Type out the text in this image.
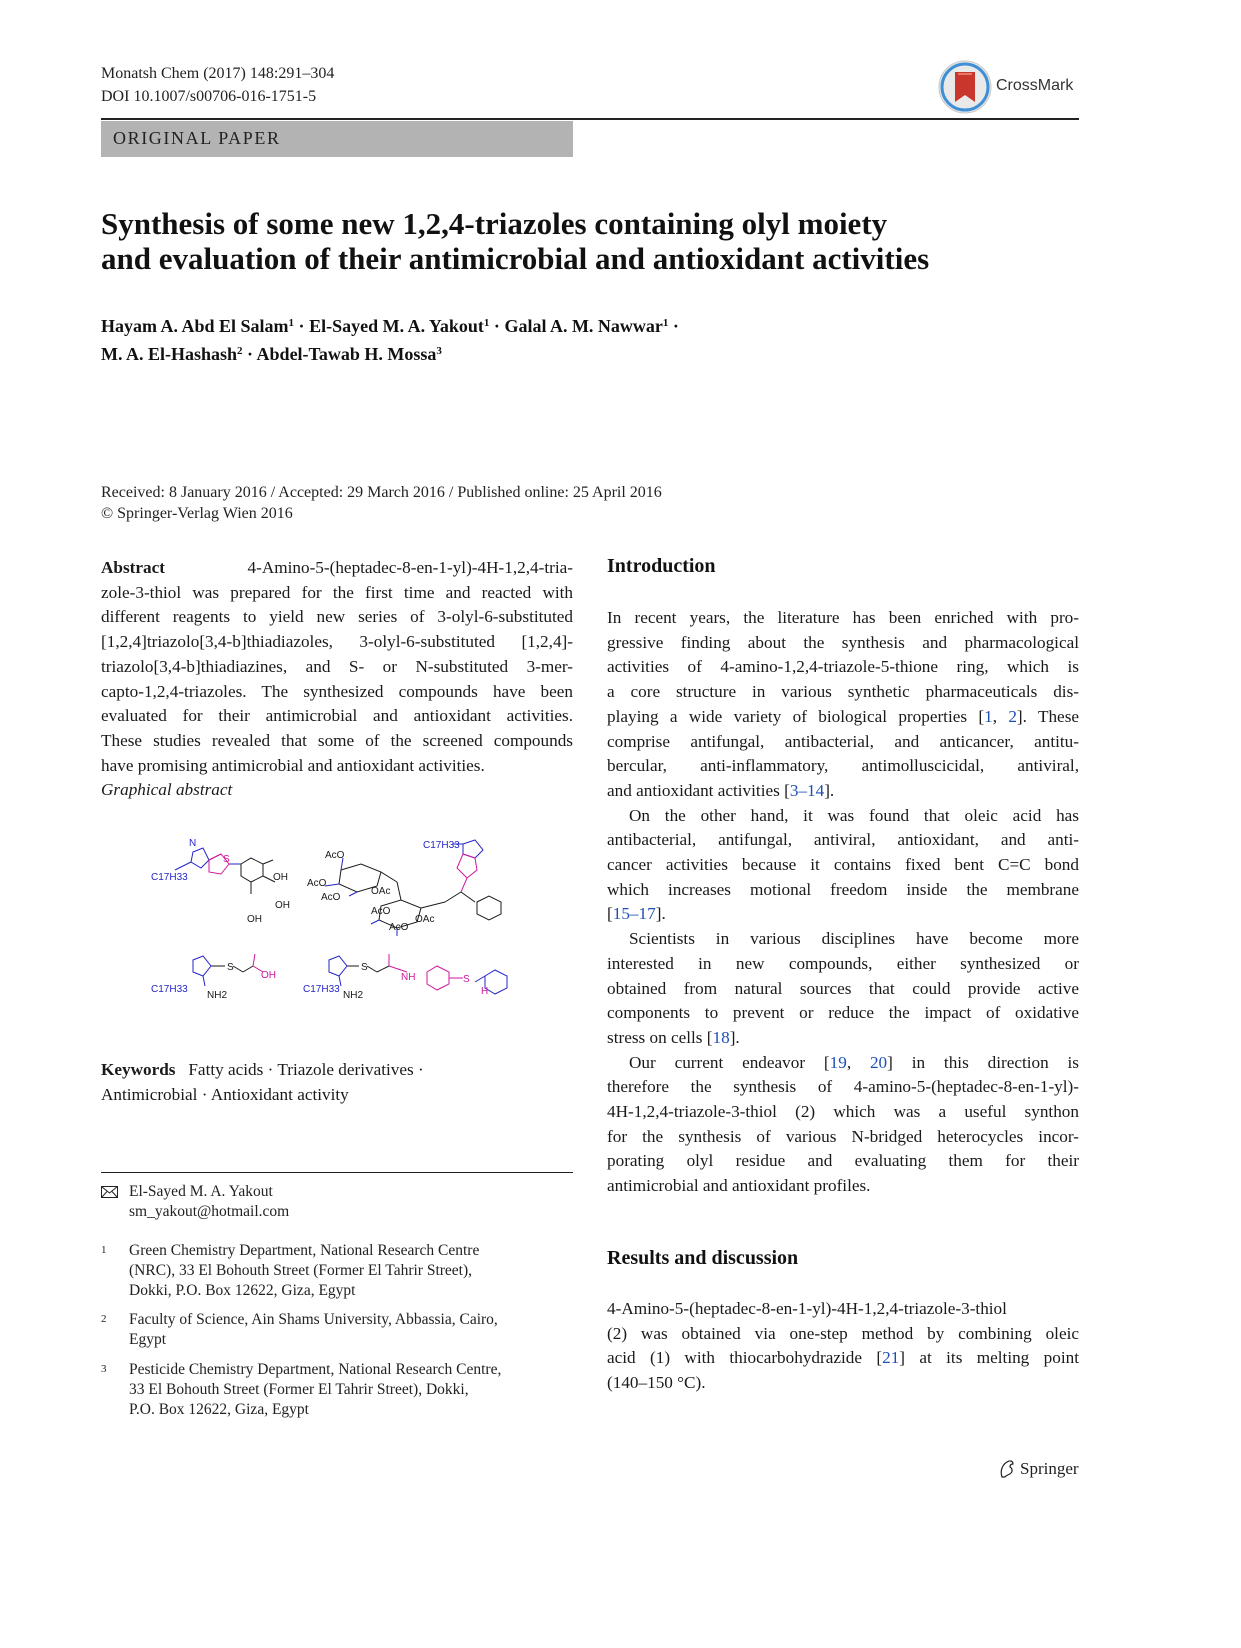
Monatsh Chem (2017) 148:291–304
DOI 10.1007/s00706-016-1751-5
CrossMark
ORIGINAL PAPER
Synthesis of some new 1,2,4-triazoles containing olyl moiety
and evaluation of their antimicrobial and antioxidant activities
Hayam A. Abd El Salam$^1$ · El-Sayed M. A. Yakout$^1$ · Galal A. M. Nawwar$^1$ ·
M. A. El-Hashash$^2$ · Abdel-Tawab H. Mossa$^3$
Received: 8 January 2016 / Accepted: 29 March 2016 / Published online: 25 April 2016
© Springer-Verlag Wien 2016
Abstract	4-Amino-5-(heptadec-8-en-1-yl)-4H-1,2,4-tria-
zole-3-thiol was prepared for the first time and reacted with
different reagents to yield new series of 3-olyl-6-substituted
[1,2,4]triazolo[3,4-b]thiadiazoles, 3-olyl-6-substituted [1,2,4]-
triazolo[3,4-b]thiadiazines, and S- or N-substituted 3-mer-
capto-1,2,4-triazoles. The synthesized compounds have been
evaluated for their antimicrobial and antioxidant activities.
These studies revealed that some of the screened compounds
have promising antimicrobial and antioxidant activities.
Graphical abstract
C17H33
N
S
OH
OH
OH
AcO
AcO
AcO
OAc
AcO
AcO
OAc
C17H33
C17H33
S
OH
NH2
C17H33
S
NH	S
H
NH2
Keywords Fatty acids · Triazole derivatives ·
Antimicrobial · Antioxidant activity
El-Sayed M. A. Yakout
sm_yakout@hotmail.com
1 Green Chemistry Department, National Research Centre
(NRC), 33 El Bohouth Street (Former El Tahrir Street),
Dokki, P.O. Box 12622, Giza, Egypt
2 Faculty of Science, Ain Shams University, Abbassia, Cairo,
Egypt
3 Pesticide Chemistry Department, National Research Centre,
33 El Bohouth Street (Former El Tahrir Street), Dokki,
P.O. Box 12622, Giza, Egypt
Introduction
In recent years, the literature has been enriched with pro-
gressive finding about the synthesis and pharmacological
activities of 4-amino-1,2,4-triazole-5-thione ring, which is
a core structure in various synthetic pharmaceuticals dis-
playing a wide variety of biological properties [1, 2]. These
comprise antifungal, antibacterial, and anticancer, antitu-
bercular, anti-inflammatory, antimolluscicidal, antiviral,
and antioxidant activities [3–14].
On the other hand, it was found that oleic acid has
antibacterial, antifungal, antiviral, antioxidant, and anti-
cancer activities because it contains fixed bent C=C bond
which increases motional freedom inside the membrane
[15–17].
Scientists in various disciplines have become more
interested in new compounds, either synthesized or
obtained from natural sources that could provide active
components to prevent or reduce the impact of oxidative
stress on cells [18].
Our current endeavor [19, 20] in this direction is
therefore the synthesis of 4-amino-5-(heptadec-8-en-1-yl)-
4H-1,2,4-triazole-3-thiol (2) which was a useful synthon
for the synthesis of various N-bridged heterocycles incor-
porating olyl residue and evaluating them for their
antimicrobial and antioxidant profiles.
Results and discussion
4-Amino-5-(heptadec-8-en-1-yl)-4H-1,2,4-triazole-3-thiol
(2) was obtained via one-step method by combining oleic
acid (1) with thiocarbohydrazide [21] at its melting point
(140–150 °C).
Springer
